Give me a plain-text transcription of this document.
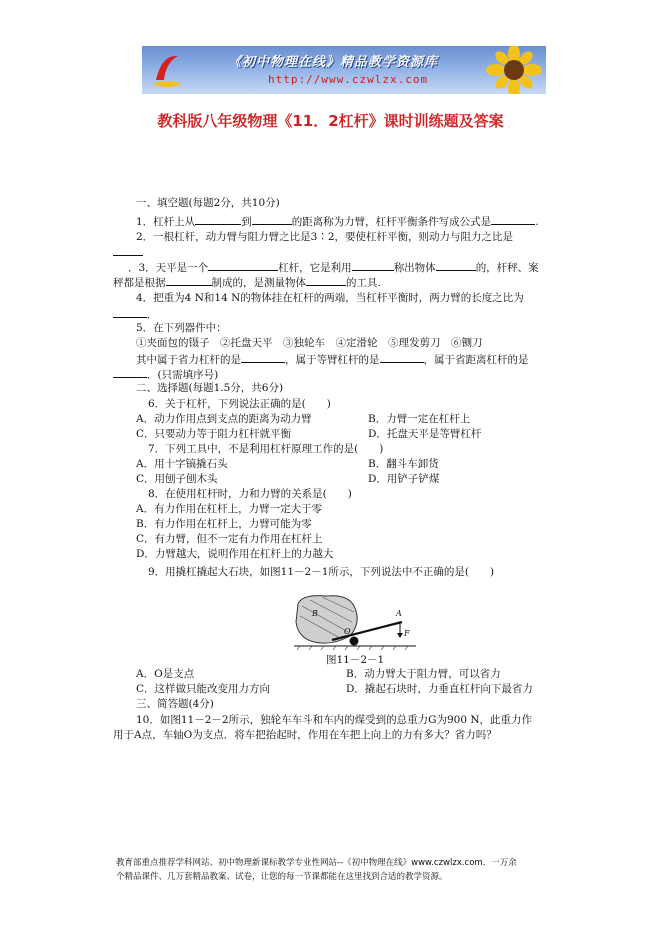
《初中物理在线》精品教学资源库
http://www.czwlzx.com
教科版八年级物理《11．2杠杆》课时训练题及答案
一、填空题(每题2分，共10分)
1．杠杆上从	到	的距离称为力臂，杠杆平衡条件写成公式是	.
2．一根杠杆，动力臂与阻力臂之比是3∶2，要使杠杆平衡，则动力与阻力之比是
．3．天平是一个	杠杆，它是利用	称出物体	的，杆秤、案
秤都是根据	制成的，是测量物体	的工具.
4．把重为4 N和14 N的物体挂在杠杆的两端，当杠杆平衡时，两力臂的长度之比为
．
5．在下列器件中：
①夹面包的镊子　②托盘天平　③独轮车　④定滑轮　⑤理发剪刀　⑥铡刀
其中属于省力杠杆的是	，属于等臂杠杆的是	，属于省距离杠杆的是
．(只需填序号)
二、选择题(每题1.5分，共6分)
6．关于杠杆，下列说法正确的是(　　)
A．动力作用点到支点的距离为动力臂	B．力臂一定在杠杆上
C．只要动力等于阻力杠杆就平衡	D．托盘天平是等臂杠杆
7．下列工具中，不是利用杠杆原理工作的是(　　)
A．用十字镐撬石头	B．翻斗车卸货
C．用刨子刨木头	D．用铲子铲煤
8．在使用杠杆时，力和力臂的关系是(　　)
A．有力作用在杠杆上，力臂一定大于零
B．有力作用在杠杆上，力臂可能为零
C．有力臂，但不一定有力作用在杠杆上
D．力臂越大，说明作用在杠杆上的力越大
9．用撬杠撬起大石块，如图11－2－1所示，下列说法中不正确的是(　　)
B
O
A
F
图11－2－1
A．O是支点	B．动力臂大于阻力臂，可以省力
C．这样做只能改变用力方向	D．撬起石块时，力垂直杠杆向下最省力
三、简答题(4分)
10．如图11－2－2所示，独轮车车斗和车内的煤受到的总重力G为900 N，此重力作
用于A点，车轴O为支点．将车把抬起时，作用在车把上向上的力有多大？省力吗？
教育部重点推荐学科网站、初中物理新课标教学专业性网站--《初中物理在线》www.czwlzx.com．一万余
个精品课件、几万套精品教案、试卷，让您的每一节课都能在这里找到合适的教学资源。
